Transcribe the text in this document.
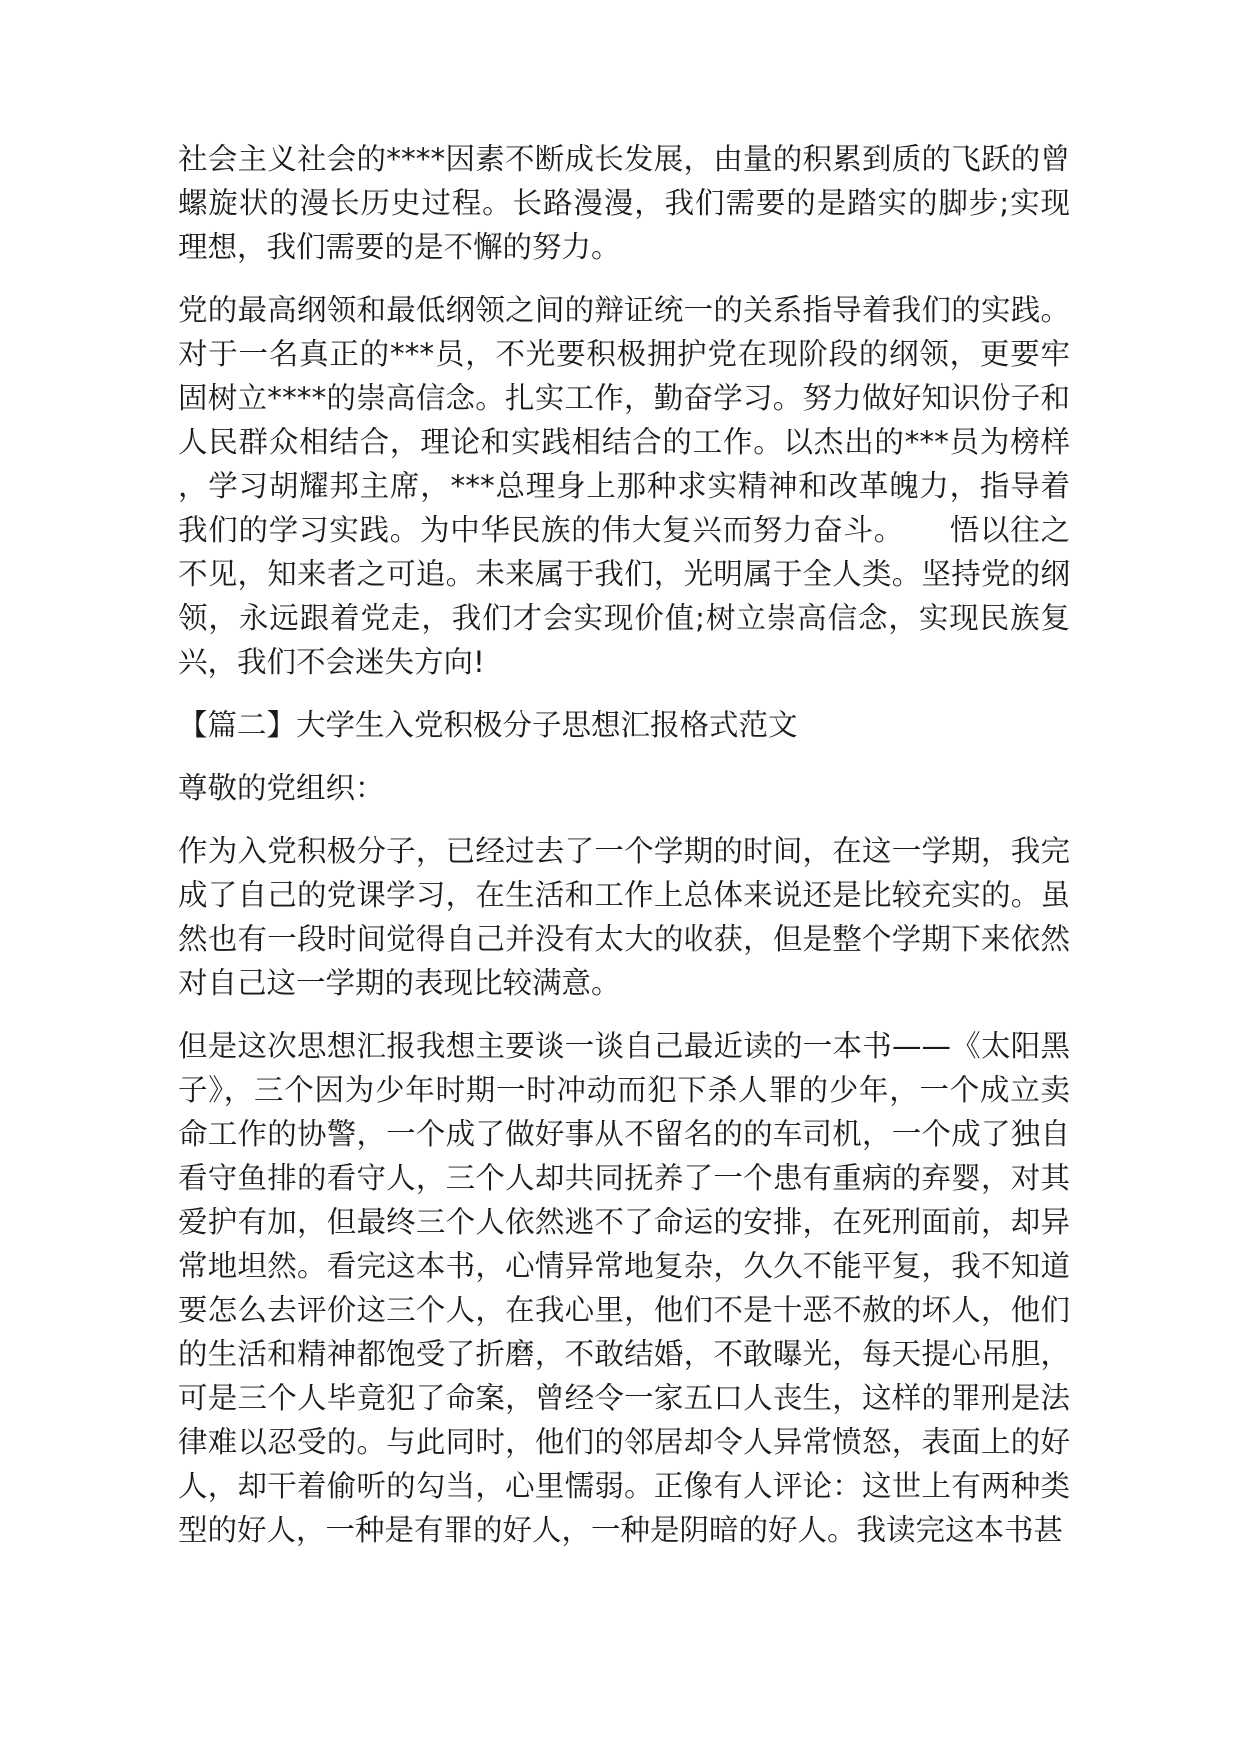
社会主义社会的****因素不断成长发展，由量的积累到质的飞跃的曾螺旋状的漫长历史过程。长路漫漫，我们需要的是踏实的脚步;实现理想，我们需要的是不懈的努力。

党的最高纲领和最低纲领之间的辩证统一的关系指导着我们的实践。对于一名真正的***员，不光要积极拥护党在现阶段的纲领，更要牢固树立****的崇高信念。扎实工作，勤奋学习。努力做好知识份子和人民群众相结合，理论和实践相结合的工作。以杰出的***员为榜样，学习胡耀邦主席，***总理身上那种求实精神和改革魄力，指导着我们的学习实践。为中华民族的伟大复兴而努力奋斗。　　悟以往之不见，知来者之可追。未来属于我们，光明属于全人类。坚持党的纲领，永远跟着党走，我们才会实现价值;树立崇高信念，实现民族复兴，我们不会迷失方向!

【篇二】大学生入党积极分子思想汇报格式范文

尊敬的党组织：

作为入党积极分子，已经过去了一个学期的时间，在这一学期，我完成了自己的党课学习，在生活和工作上总体来说还是比较充实的。虽然也有一段时间觉得自己并没有太大的收获，但是整个学期下来依然对自己这一学期的表现比较满意。

但是这次思想汇报我想主要谈一谈自己最近读的一本书——《太阳黑子》，三个因为少年时期一时冲动而犯下杀人罪的少年，一个成立卖命工作的协警，一个成了做好事从不留名的的车司机，一个成了独自看守鱼排的看守人，三个人却共同抚养了一个患有重病的弃婴，对其爱护有加，但最终三个人依然逃不了命运的安排，在死刑面前，却异常地坦然。看完这本书，心情异常地复杂，久久不能平复，我不知道要怎么去评价这三个人，在我心里，他们不是十恶不赦的坏人，他们的生活和精神都饱受了折磨，不敢结婚，不敢曝光，每天提心吊胆，可是三个人毕竟犯了命案，曾经令一家五口人丧生，这样的罪刑是法律难以忍受的。与此同时，他们的邻居却令人异常愤怒，表面上的好人，却干着偷听的勾当，心里懦弱。正像有人评论：这世上有两种类型的好人，一种是有罪的好人，一种是阴暗的好人。我读完这本书甚
